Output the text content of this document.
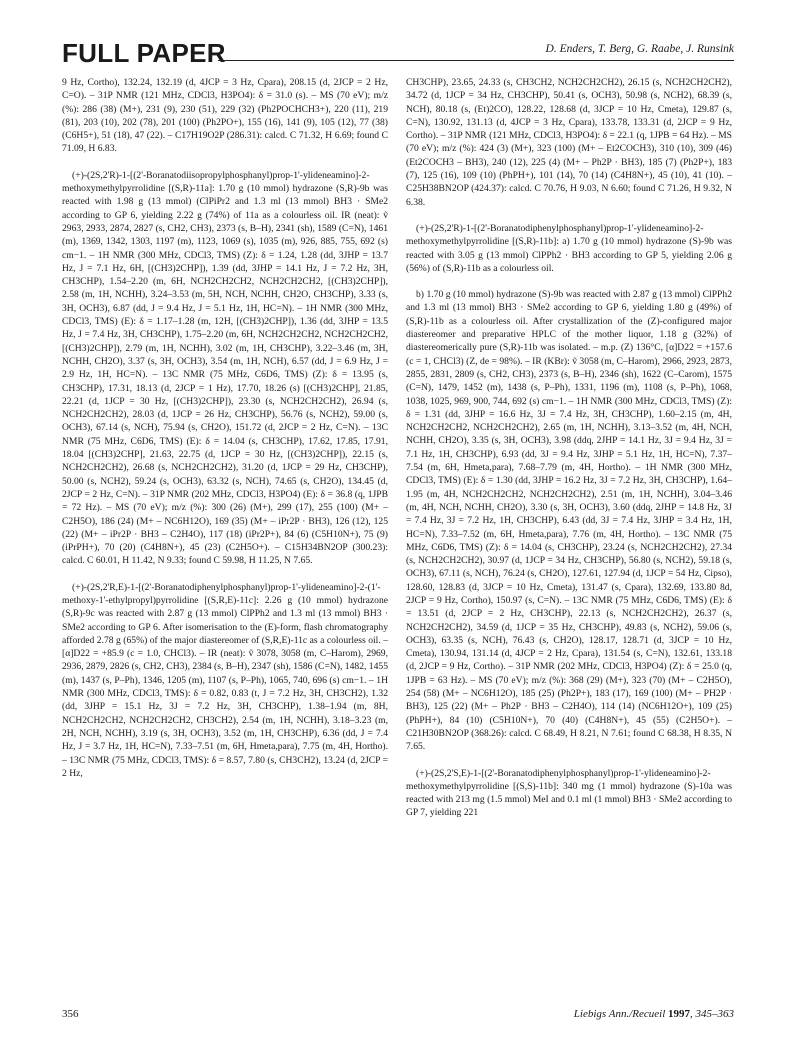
FULL PAPER	D. Enders, T. Berg, G. Raabe, J. Runsink

9 Hz, Cortho), 132.24, 132.19 (d, 4JCP = 3 Hz, Cpara), 208.15 (d, 2JCP = 2 Hz, C=O). – 31P NMR (121 MHz, CDCl3, H3PO4): δ = 31.0 (s). – MS (70 eV); m/z (%): 286 (38) (M+), 231 (9), 230 (51), 229 (32) (Ph2POCHCH3+), 220 (11), 219 (81), 203 (10), 202 (78), 201 (100) (Ph2PO+), 155 (16), 141 (9), 105 (12), 77 (38) (C6H5+), 51 (18), 47 (22). – C17H19O2P (286.31): calcd. C 71.32, H 6.69; found C 71.09, H 6.83.

(+)-(2S,2'R)-1-[(2'-Boranatodiisopropylphosphanyl)prop-1'-ylideneamino]-2-methoxymethylpyrrolidine [(S,R)-11a]: 1.70 g (10 mmol) hydrazone (S,R)-9b was reacted with 1.98 g (13 mmol) (ClPiPr2 and 1.3 ml (13 mmol) BH3 · SMe2 according to GP 6, yielding 2.22 g (74%) of 11a as a colourless oil. IR (neat): ṽ 2963, 2933, 2874, 2827 (s, CH2, CH3), 2373 (s, B–H), 2341 (sh), 1589 (C=N), 1461 (m), 1369, 1342, 1303, 1197 (m), 1123, 1069 (s), 1035 (m), 926, 885, 755, 692 (s) cm−1. – 1H NMR (300 MHz, CDCl3, TMS) (Z): δ = 1.24, 1.28 (dd, 3JHP = 13.7 Hz, J = 7.1 Hz, 6H, [(CH3)2CHP]), 1.39 (dd, 3JHP = 14.1 Hz, J = 7.2 Hz, 3H, CH3CHP), 1.54–2.20 (m, 6H, NCH2CH2CH2, NCH2CH2CH2, [(CH3)2CHP]), 2.58 (m, 1H, NCHH), 3.24–3.53 (m, 5H, NCH, NCHH, CH2O, CH3CHP), 3.33 (s, 3H, OCH3), 6.87 (dd, J = 9.4 Hz, J = 5.1 Hz, 1H, HC=N). – 1H NMR (300 MHz, CDCl3, TMS) (E): δ = 1.17–1.28 (m, 12H, [(CH3)2CHP]), 1.36 (dd, 3JHP = 13.5 Hz, J = 7.4 Hz, 3H, CH3CHP), 1.75–2.20 (m, 6H, NCH2CH2CH2, NCH2CH2CH2, [(CH3)2CHP]), 2.79 (m, 1H, NCHH), 3.02 (m, 1H, CH3CHP), 3.22–3.46 (m, 3H, NCHH, CH2O), 3.37 (s, 3H, OCH3), 3.54 (m, 1H, NCH), 6.57 (dd, J = 6.9 Hz, J = 2.9 Hz, 1H, HC=N). – 13C NMR (75 MHz, C6D6, TMS) (Z): δ = 13.95 (s, CH3CHP), 17.31, 18.13 (d, 2JCP = 1 Hz), 17.70, 18.26 (s) [(CH3)2CHP], 21.85, 22.21 (d, 1JCP = 30 Hz, [(CH3)2CHP]), 23.30 (s, NCH2CH2CH2), 26.94 (s, NCH2CH2CH2), 28.03 (d, 1JCP = 26 Hz, CH3CHP), 56.76 (s, NCH2), 59.00 (s, OCH3), 67.14 (s, NCH), 75.94 (s, CH2O), 151.72 (d, 2JCP = 2 Hz, C=N). – 13C NMR (75 MHz, C6D6, TMS) (E): δ = 14.04 (s, CH3CHP), 17.62, 17.85, 17.91, 18.04 [(CH3)2CHP], 21.63, 22.75 (d, 1JCP = 30 Hz, [(CH3)2CHP]), 22.15 (s, NCH2CH2CH2), 26.68 (s, NCH2CH2CH2), 31.20 (d, 1JCP = 29 Hz, CH3CHP), 50.00 (s, NCH2), 59.24 (s, OCH3), 63.32 (s, NCH), 74.65 (s, CH2O), 134.45 (d, 2JCP = 2 Hz, C=N). – 31P NMR (202 MHz, CDCl3, H3PO4) (E): δ = 36.8 (q, 1JPB = 72 Hz). – MS (70 eV); m/z (%): 300 (26) (M+), 299 (17), 255 (100) (M+ – C2H5O), 186 (24) (M+ – NC6H12O), 169 (35) (M+ – iPr2P · BH3), 126 (12), 125 (22) (M+ – iPr2P · BH3 – C2H4O), 117 (18) (iPr2P+), 84 (6) (C5H10N+), 75 (9) (iPrPH+), 70 (20) (C4H8N+), 45 (23) (C2H5O+). – C15H34BN2OP (300.23): calcd. C 60.01, H 11.42, N 9.33; found C 59.98, H 11.25, N 7.65.

(+)-(2S,2'R,E)-1-[(2'-Boranatodiphenylphosphanyl)prop-1'-ylideneamino]-2-(1'-methoxy-1'-ethylpropyl)pyrrolidine [(S,R,E)-11c]: 2.26 g (10 mmol) hydrazone (S,R)-9c was reacted with 2.87 g (13 mmol) ClPPh2 and 1.3 ml (13 mmol) BH3 · SMe2 according to GP 6. After isomerisation to the (E)-form, flash chromatography afforded 2.78 g (65%) of the major diastereomer of (S,R,E)-11c as a colourless oil. – [α]D22 = +85.9 (c = 1.0, CHCl3). – IR (neat): ṽ 3078, 3058 (m, C–Harom), 2969, 2936, 2879, 2826 (s, CH2, CH3), 2384 (s, B–H), 2347 (sh), 1586 (C=N), 1482, 1455 (m), 1437 (s, P–Ph), 1346, 1205 (m), 1107 (s, P–Ph), 1065, 740, 696 (s) cm−1. – 1H NMR (300 MHz, CDCl3, TMS): δ = 0.82, 0.83 (t, J = 7.2 Hz, 3H, CH3CH2), 1.32 (dd, 3JHP = 15.1 Hz, 3J = 7.2 Hz, 3H, CH3CHP), 1.38–1.94 (m, 8H, NCH2CH2CH2, NCH2CH2CH2, CH3CH2), 2.54 (m, 1H, NCHH), 3.18–3.23 (m, 2H, NCH, NCHH), 3.19 (s, 3H, OCH3), 3.52 (m, 1H, CH3CHP), 6.36 (dd, J = 7.4 Hz, J = 3.7 Hz, 1H, HC=N), 7.33–7.51 (m, 6H, Hmeta,para), 7.75 (m, 4H, Hortho). – 13C NMR (75 MHz, CDCl3, TMS): δ = 8.57, 7.80 (s, CH3CH2), 13.24 (d, 2JCP = 2 Hz,

CH3CHP), 23.65, 24.33 (s, CH3CH2, NCH2CH2CH2), 26.15 (s, NCH2CH2CH2), 34.72 (d, 1JCP = 34 Hz, CH3CHP), 50.41 (s, OCH3), 50.98 (s, NCH2), 68.39 (s, NCH), 80.18 (s, (Et)2CO), 128.22, 128.68 (d, 3JCP = 10 Hz, Cmeta), 129.87 (s, C=N), 130.92, 131.13 (d, 4JCP = 3 Hz, Cpara), 133.78, 133.31 (d, 2JCP = 9 Hz, Cortho). – 31P NMR (121 MHz, CDCl3, H3PO4): δ = 22.1 (q, 1JPB = 64 Hz). – MS (70 eV); m/z (%): 424 (3) (M+), 323 (100) (M+ – Et2COCH3), 310 (10), 309 (46) (Et2COCH3 – BH3), 240 (12), 225 (4) (M+ – Ph2P · BH3), 185 (7) (Ph2P+), 183 (7), 125 (16), 109 (10) (PhPH+), 101 (14), 70 (14) (C4H8N+), 45 (10), 41 (10). – C25H38BN2OP (424.37): calcd. C 70.76, H 9.03, N 6.60; found C 71.26, H 9.32, N 6.38.

(+)-(2S,2'R)-1-[(2'-Boranatodiphenylphosphanyl)prop-1'-ylideneamino]-2-methoxymethylpyrrolidine [(S,R)-11b]: a) 1.70 g (10 mmol) hydrazone (S)-9b was reacted with 3.05 g (13 mmol) ClPPh2 · BH3 according to GP 5, yielding 2.06 g (56%) of (S,R)-11b as a colourless oil.

b) 1.70 g (10 mmol) hydrazone (S)-9b was reacted with 2.87 g (13 mmol) ClPPh2 and 1.3 ml (13 mmol) BH3 · SMe2 according to GP 6, yielding 1.80 g (49%) of (S,R)-11b as a colourless oil. After crystallization of the (Z)-configured major diastereomer and preparative HPLC of the mother liquor, 1.18 g (32%) of diastereomerically pure (S,R)-11b was isolated. – m.p. (Z) 136°C, [α]D22 = +157.6 (c = 1, CHCl3) (Z, de = 98%). – IR (KBr): ṽ 3058 (m, C–Harom), 2966, 2923, 2873, 2855, 2831, 2809 (s, CH2, CH3), 2373 (s, B–H), 2346 (sh), 1622 (C–Carom), 1575 (C=N), 1479, 1452 (m), 1438 (s, P–Ph), 1331, 1196 (m), 1108 (s, P–Ph), 1068, 1038, 1025, 969, 900, 744, 692 (s) cm−1. – 1H NMR (300 MHz, CDCl3, TMS) (Z): δ = 1.31 (dd, 3JHP = 16.6 Hz, 3J = 7.4 Hz, 3H, CH3CHP), 1.60–2.15 (m, 4H, NCH2CH2CH2, NCH2CH2CH2), 2.65 (m, 1H, NCHH), 3.13–3.52 (m, 4H, NCH, NCHH, CH2O), 3.35 (s, 3H, OCH3), 3.98 (ddq, 2JHP = 14.1 Hz, 3J = 9.4 Hz, 3J = 7.1 Hz, 1H, CH3CHP), 6.93 (dd, 3J = 9.4 Hz, 3JHP = 5.1 Hz, 1H, HC=N), 7.37–7.54 (m, 6H, Hmeta,para), 7.68–7.79 (m, 4H, Hortho). – 1H NMR (300 MHz, CDCl3, TMS) (E): δ = 1.30 (dd, 3JHP = 16.2 Hz, 3J = 7.2 Hz, 3H, CH3CHP), 1.64–1.95 (m, 4H, NCH2CH2CH2, NCH2CH2CH2), 2.51 (m, 1H, NCHH), 3.04–3.46 (m, 4H, NCH, NCHH, CH2O), 3.30 (s, 3H, OCH3), 3.60 (ddq, 2JHP = 14.8 Hz, 3J = 7.4 Hz, 3J = 7.2 Hz, 1H, CH3CHP), 6.43 (dd, 3J = 7.4 Hz, 3JHP = 3.4 Hz, 1H, HC=N), 7.33–7.52 (m, 6H, Hmeta,para), 7.76 (m, 4H, Hortho). – 13C NMR (75 MHz, C6D6, TMS) (Z): δ = 14.04 (s, CH3CHP), 23.24 (s, NCH2CH2CH2), 27.34 (s, NCH2CH2CH2), 30.97 (d, 1JCP = 34 Hz, CH3CHP), 56.80 (s, NCH2), 59.18 (s, OCH3), 67.11 (s, NCH), 76.24 (s, CH2O), 127.61, 127.94 (d, 1JCP = 54 Hz, Cipso), 128.60, 128.83 (d, 3JCP = 10 Hz, Cmeta), 131.47 (s, Cpara), 132.69, 133.80 8d, 2JCP = 9 Hz, Cortho), 150.97 (s, C=N). – 13C NMR (75 MHz, C6D6, TMS) (E): δ = 13.51 (d, 2JCP = 2 Hz, CH3CHP), 22.13 (s, NCH2CH2CH2), 26.37 (s, NCH2CH2CH2), 34.59 (d, 1JCP = 35 Hz, CH3CHP), 49.83 (s, NCH2), 59.06 (s, OCH3), 63.35 (s, NCH), 76.43 (s, CH2O), 128.17, 128.71 (d, 3JCP = 10 Hz, Cmeta), 130.94, 131.14 (d, 4JCP = 2 Hz, Cpara), 131.54 (s, C=N), 132.61, 133.18 (d, 2JCP = 9 Hz, Cortho). – 31P NMR (202 MHz, CDCl3, H3PO4) (Z): δ = 25.0 (q, 1JPB = 63 Hz). – MS (70 eV); m/z (%): 368 (29) (M+), 323 (70) (M+ – C2H5O), 254 (58) (M+ – NC6H12O), 185 (25) (Ph2P+), 183 (17), 169 (100) (M+ – PH2P · BH3), 125 (22) (M+ – Ph2P · BH3 – C2H4O), 114 (14) (NC6H12O+), 109 (25) (PhPH+), 84 (10) (C5H10N+), 70 (40) (C4H8N+), 45 (55) (C2H5O+). – C21H30BN2OP (368.26): calcd. C 68.49, H 8.21, N 7.61; found C 68.38, H 8.35, N 7.65.

(+)-(2S,2'S,E)-1-[(2'-Boranatodiphenylphosphanyl)prop-1'-ylideneamino]-2-methoxymethylpyrrolidine [(S,S)-11b]: 340 mg (1 mmol) hydrazone (S)-10a was reacted with 213 mg (1.5 mmol) MeI and 0.1 ml (1 mmol) BH3 · SMe2 according to GP 7, yielding 221

356	Liebigs Ann./Recueil 1997, 345–363
